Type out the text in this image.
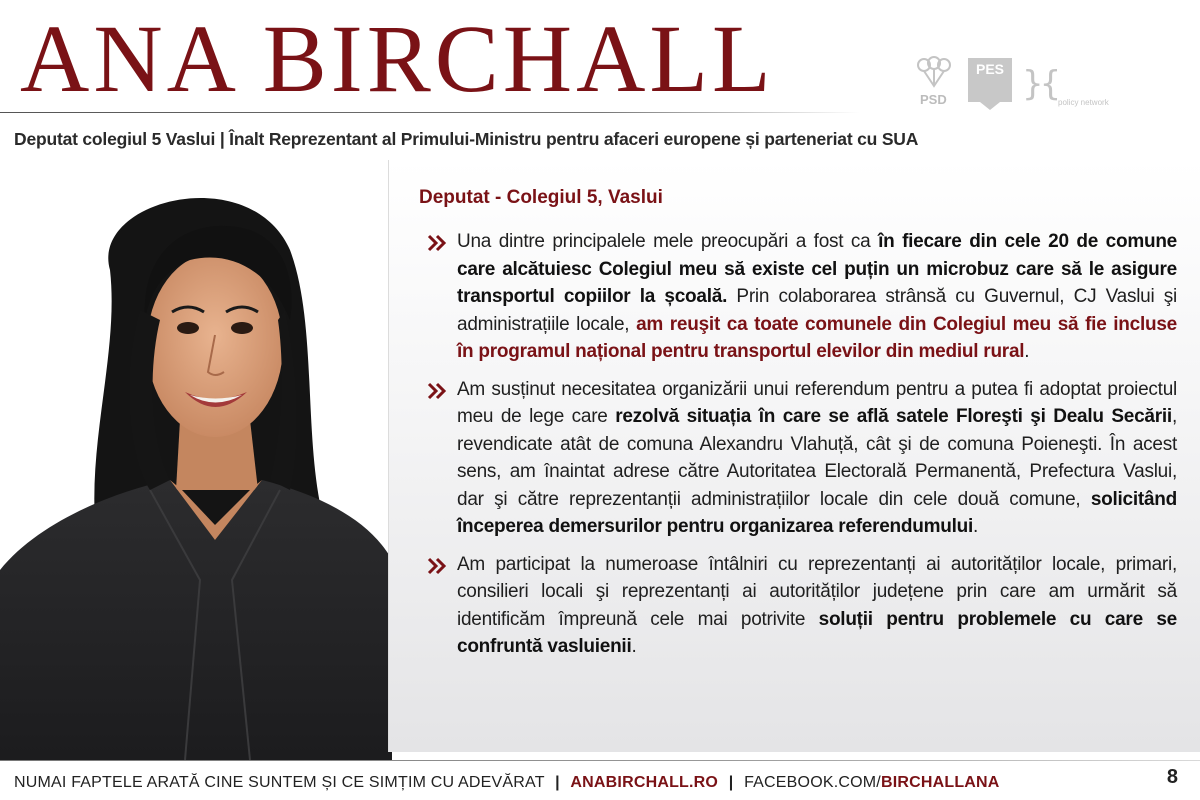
ANA BIRCHALL	PSD
PES }{ policy network
Deputat colegiul 5 Vaslui | Înalt Reprezentant al Primului-Ministru pentru afaceri europene și parteneriat cu SUA
Deputat - Colegiul 5, Vaslui

Una dintre principalele mele preocupări a fost ca în fiecare din cele 20 de comune care alcătuiesc Colegiul meu să existe cel puțin un microbuz care să le asigure transportul copiilor la școală. Prin colaborarea strânsă cu Guvernul, CJ Vaslui şi administrațiile locale, am reuşit ca toate comunele din Colegiul meu să fie incluse în programul național pentru transportul elevilor din mediul rural.

Am susținut necesitatea organizării unui referendum pentru a putea fi adoptat proiectul meu de lege care rezolvă situația în care se află satele Floreşti şi Dealu Secării, revendicate atât de comuna Alexandru Vlahuță, cât şi de comuna Poieneşti. În acest sens, am înaintat adrese către Autoritatea Electorală Permanentă, Prefectura Vaslui, dar şi către reprezentanții administrațiilor locale din cele două comune, solicitând începerea demersurilor pentru organizarea referendumului.

Am participat la numeroase întâlniri cu reprezentanți ai autorităților locale, primari, consilieri locali şi reprezentanți ai autorităților județene prin care am urmărit să identificăm împreună cele mai potrivite soluții pentru problemele cu care se confruntă vasluienii.

NUMAI FAPTELE ARATĂ CINE SUNTEM ȘI CE SIMȚIM CU ADEVĂRAT | ANABIRCHALL.RO | FACEBOOK.COM/BIRCHALLANA	8
